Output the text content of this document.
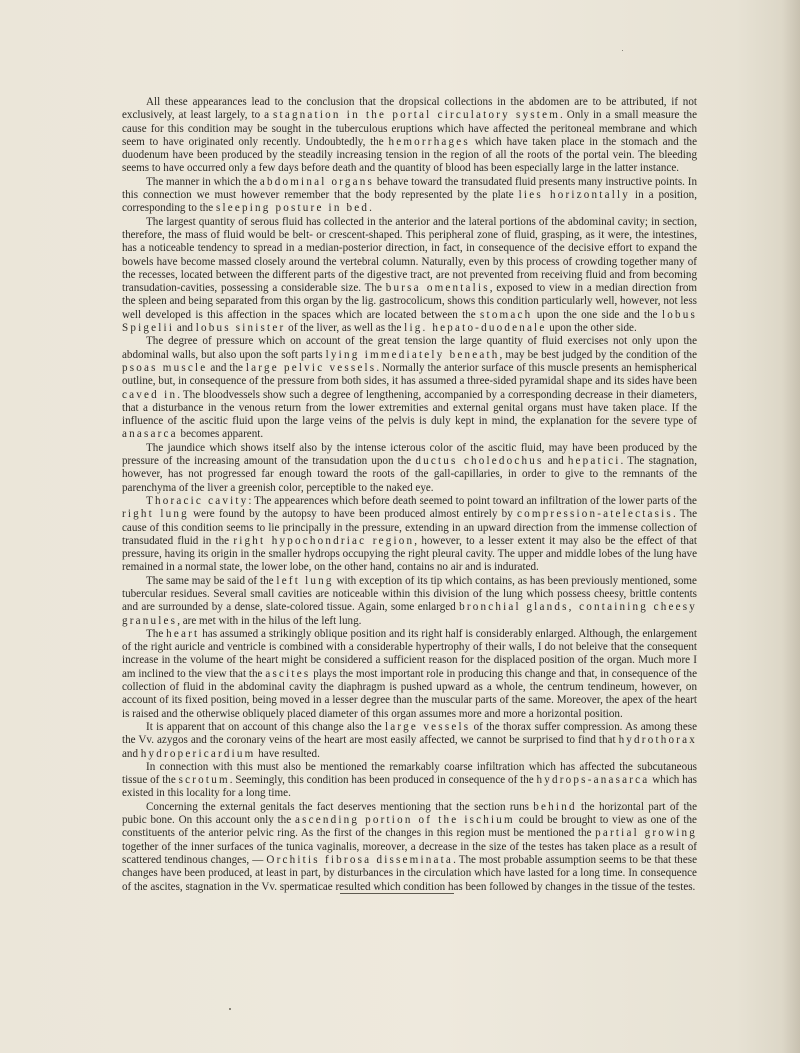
All these appearances lead to the conclusion that the dropsical collections in the abdomen are to be attributed, if not exclusively, at least largely, to a stagnation in the portal circulatory system. Only in a small measure the cause for this condition may be sought in the tuberculous eruptions which have affected the peritoneal membrane and which seem to have originated only recently. Undoubtedly, the hemorrhages which have taken place in the stomach and the duodenum have been produced by the steadily increasing tension in the region of all the roots of the portal vein. The bleeding seems to have occurred only a few days before death and the quantity of blood has been especially large in the latter instance.

The manner in which the abdominal organs behave toward the transudated fluid presents many instructive points. In this connection we must however remember that the body represented by the plate lies horizontally in a position, corresponding to the sleeping posture in bed.

The largest quantity of serous fluid has collected in the anterior and the lateral portions of the abdominal cavity; in section, therefore, the mass of fluid would be belt- or crescent-shaped. This peripheral zone of fluid, grasping, as it were, the intestines, has a noticeable tendency to spread in a median-posterior direction, in fact, in consequence of the decisive effort to expand the bowels have become massed closely around the vertebral column. Naturally, even by this process of crowding together many of the recesses, located between the different parts of the digestive tract, are not prevented from receiving fluid and from becoming transudation-cavities, possessing a considerable size. The bursa omentalis, exposed to view in a median direction from the spleen and being separated from this organ by the lig. gastrocolicum, shows this condition particularly well, however, not less well developed is this affection in the spaces which are located between the stomach upon the one side and the lobus Spigelii and lobus sinister of the liver, as well as the lig. hepato-duodenale upon the other side.

The degree of pressure which on account of the great tension the large quantity of fluid exercises not only upon the abdominal walls, but also upon the soft parts lying immediately beneath, may be best judged by the condition of the psoas muscle and the large pelvic vessels. Normally the anterior surface of this muscle presents an hemispherical outline, but, in consequence of the pressure from both sides, it has assumed a three-sided pyramidal shape and its sides have been caved in. The bloodvessels show such a degree of lengthening, accompanied by a corresponding decrease in their diameters, that a disturbance in the venous return from the lower extremities and external genital organs must have taken place. If the influence of the ascitic fluid upon the large veins of the pelvis is duly kept in mind, the explanation for the severe type of anasarca becomes apparent.

The jaundice which shows itself also by the intense icterous color of the ascitic fluid, may have been produced by the pressure of the increasing amount of the transudation upon the ductus choledochus and hepatici. The stagnation, however, has not progressed far enough toward the roots of the gall-capillaries, in order to give to the remnants of the parenchyma of the liver a greenish color, perceptible to the naked eye.

Thoracic cavity: The appearences which before death seemed to point toward an infiltration of the lower parts of the right lung were found by the autopsy to have been produced almost entirely by compression-atelectasis. The cause of this condition seems to lie principally in the pressure, extending in an upward direction from the immense collection of transudated fluid in the right hypochondriac region, however, to a lesser extent it may also be the effect of that pressure, having its origin in the smaller hydrops occupying the right pleural cavity. The upper and middle lobes of the lung have remained in a normal state, the lower lobe, on the other hand, contains no air and is indurated.

The same may be said of the left lung with exception of its tip which contains, as has been previously mentioned, some tubercular residues. Several small cavities are noticeable within this division of the lung which possess cheesy, brittle contents and are surrounded by a dense, slate-colored tissue. Again, some enlarged bronchial glands, containing cheesy granules, are met with in the hilus of the left lung.

The heart has assumed a strikingly oblique position and its right half is considerably enlarged. Although, the enlargement of the right auricle and ventricle is combined with a considerable hypertrophy of their walls, I do not beleive that the consequent increase in the volume of the heart might be considered a sufficient reason for the displaced position of the organ. Much more I am inclined to the view that the ascites plays the most important role in producing this change and that, in consequence of the collection of fluid in the abdominal cavity the diaphragm is pushed upward as a whole, the centrum tendineum, however, on account of its fixed position, being moved in a lesser degree than the muscular parts of the same. Moreover, the apex of the heart is raised and the otherwise obliquely placed diameter of this organ assumes more and more a horizontal position.

It is apparent that on account of this change also the large vessels of the thorax suffer compression. As among these the Vv. azygos and the coronary veins of the heart are most easily affected, we cannot be surprised to find that hydrothorax and hydropericardium have resulted.

In connection with this must also be mentioned the remarkably coarse infiltration which has affected the subcutaneous tissue of the scrotum. Seemingly, this condition has been produced in consequence of the hydrops-anasarca which has existed in this locality for a long time.

Concerning the external genitals the fact deserves mentioning that the section runs behind the horizontal part of the pubic bone. On this account only the ascending portion of the ischium could be brought to view as one of the constituents of the anterior pelvic ring. As the first of the changes in this region must be mentioned the partial growing together of the inner surfaces of the tunica vaginalis, moreover, a decrease in the size of the testes has taken place as a result of scattered tendinous changes, — Orchitis fibrosa disseminata. The most probable assumption seems to be that these changes have been produced, at least in part, by disturbances in the circulation which have lasted for a long time. In consequence of the ascites, stagnation in the Vv. spermaticae resulted which condition has been followed by changes in the tissue of the testes.
